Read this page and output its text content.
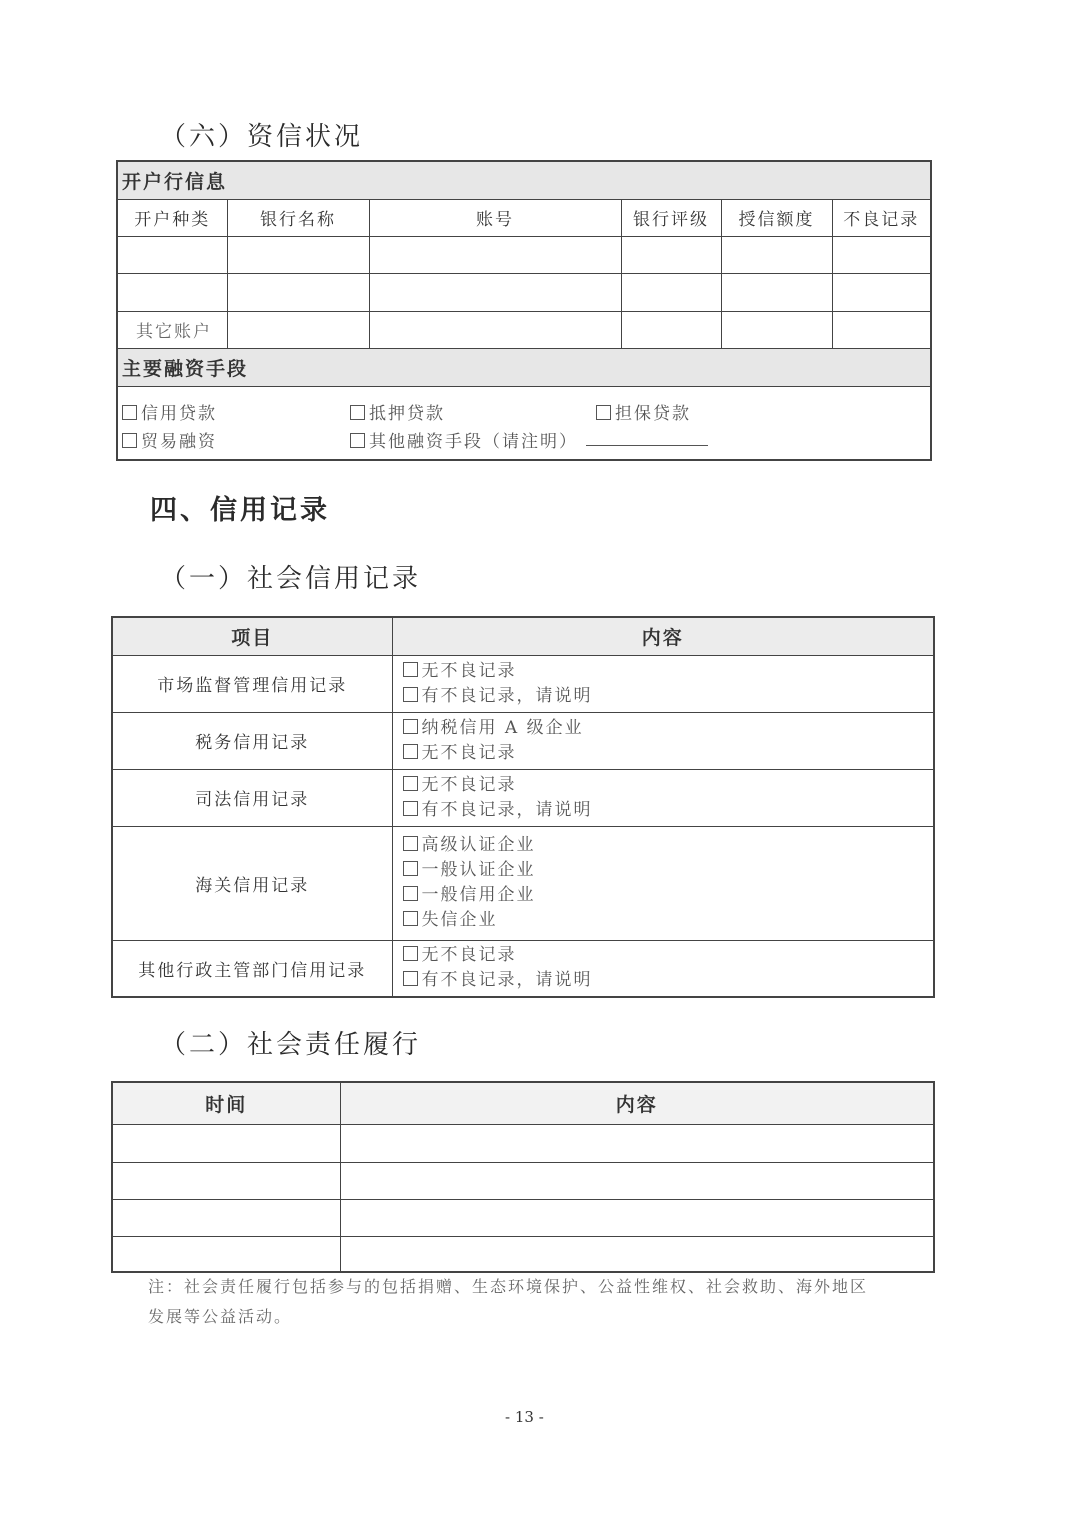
（六）资信状况
开户行信息					
开户种类	银行名称	账号	银行评级	授信额度	不良记录

其它账户					
主要融资手段					

信用贷款 抵押贷款 担保贷款
贸易融资 其他融资手段（请注明）					
四、信用记录
（一）社会信用记录
项目	内容
市场监督管理信用记录	无不良记录
有不良记录，请说明

税务信用记录	纳税信用 A 级企业
无不良记录

司法信用记录	无不良记录
有不良记录，请说明

海关信用记录	高级认证企业
一般认证企业
一般信用企业
失信企业

其他行政主管部门信用记录	无不良记录
有不良记录，请说明
（二）社会责任履行
时间	内容

注：社会责任履行包括参与的包括捐赠、生态环境保护、公益性维权、社会救助、海外地区
发展等公益活动。
- 13 -
